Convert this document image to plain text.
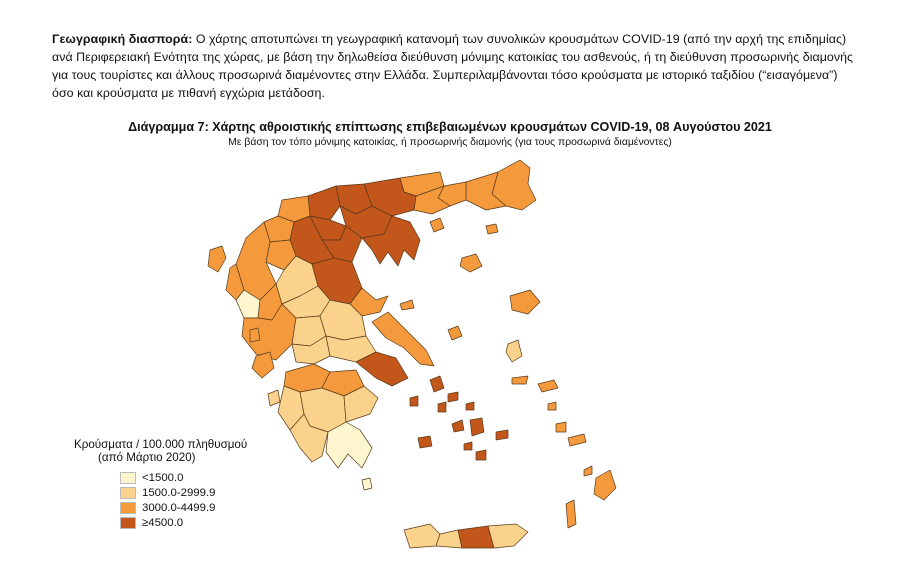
Γεωγραφική διασπορά: Ο χάρτης αποτυπώνει τη γεωγραφική κατανομή των συνολικών κρουσμάτων COVID-19 (από την αρχή της επιδημίας) ανά Περιφερειακή Ενότητα της χώρας, με βάση την δηλωθείσα διεύθυνση μόνιμης κατοικίας του ασθενούς, ή τη διεύθυνση προσωρινής διαμονής για τους τουρίστες και άλλους προσωρινά διαμένοντες στην Ελλάδα. Συμπεριλαμβάνονται τόσο κρούσματα με ιστορικό ταξιδίου (“εισαγόμενα”) όσο και κρούσματα με πιθανή εγχώρια μετάδοση.
Διάγραμμα 7: Χάρτης αθροιστικής επίπτωσης επιβεβαιωμένων κρουσμάτων COVID-19, 08 Αυγούστου 2021
Με βάση τον τόπο μόνιμης κατοικίας, ή προσωρινής διαμονής (για τους προσωρινά διαμένοντες)
Κρούσματα / 100.000 πληθυσμού
(από Μάρτιο 2020)
<1500.0
1500.0-2999.9
3000.0-4499.9
≥4500.0
